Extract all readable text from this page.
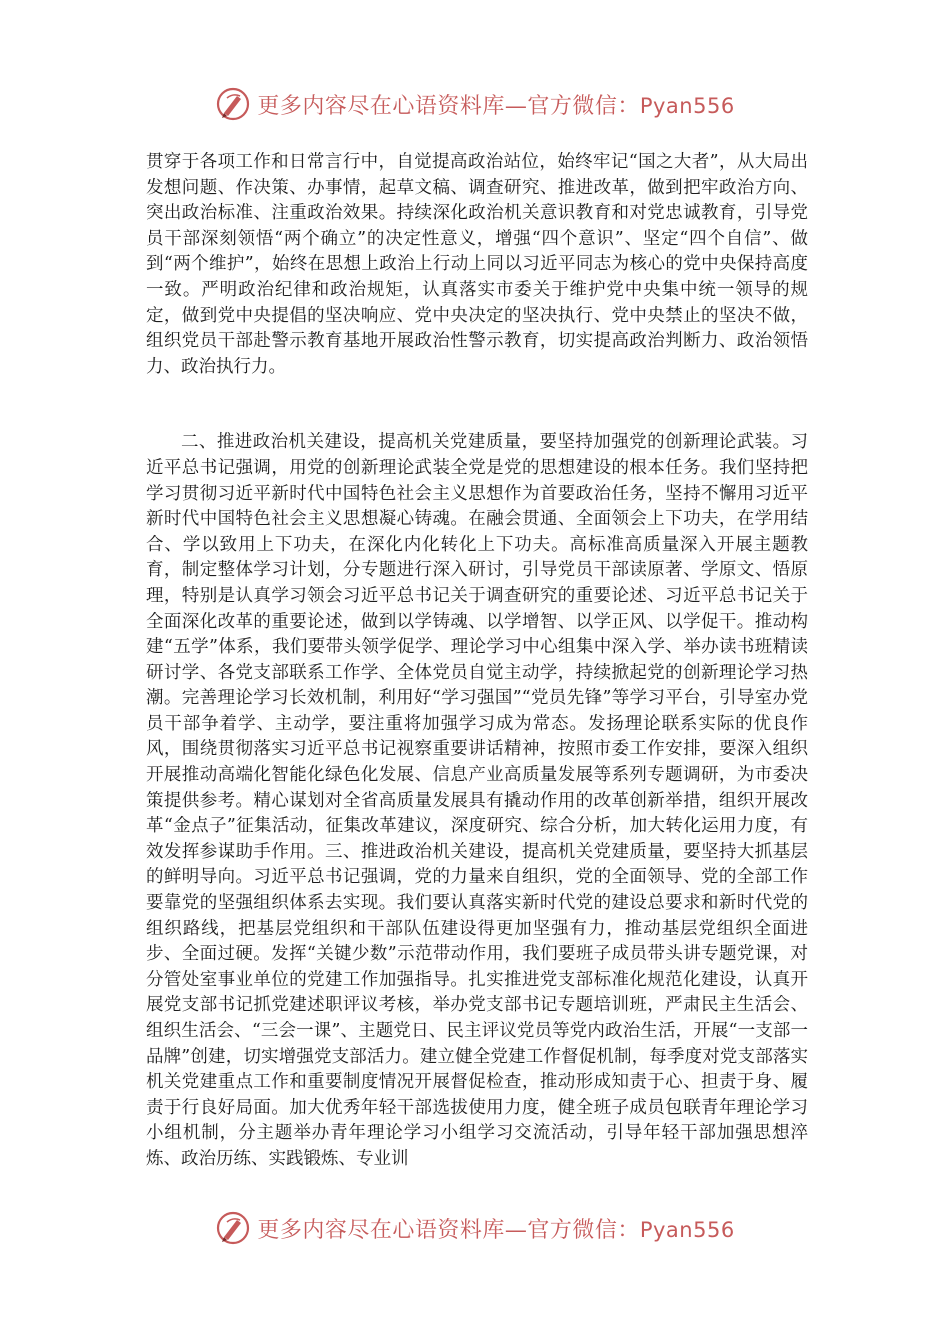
更多内容尽在心语资料库—官方微信：Pyan556

贯穿于各项工作和日常言行中，自觉提高政治站位，始终牢记“国之大者”，从大局出发想问题、作决策、办事情，起草文稿、调查研究、推进改革，做到把牢政治方向、突出政治标准、注重政治效果。持续深化政治机关意识教育和对党忠诚教育，引导党员干部深刻领悟“两个确立”的决定性意义，增强“四个意识”、坚定“四个自信”、做到“两个维护”，始终在思想上政治上行动上同以习近平同志为核心的党中央保持高度一致。严明政治纪律和政治规矩，认真落实市委关于维护党中央集中统一领导的规定，做到党中央提倡的坚决响应、党中央决定的坚决执行、党中央禁止的坚决不做，组织党员干部赴警示教育基地开展政治性警示教育，切实提高政治判断力、政治领悟力、政治执行力。

二、推进政治机关建设，提高机关党建质量，要坚持加强党的创新理论武装。习近平总书记强调，用党的创新理论武装全党是党的思想建设的根本任务。我们坚持把学习贯彻习近平新时代中国特色社会主义思想作为首要政治任务，坚持不懈用习近平新时代中国特色社会主义思想凝心铸魂。在融会贯通、全面领会上下功夫，在学用结合、学以致用上下功夫，在深化内化转化上下功夫。高标准高质量深入开展主题教育，制定整体学习计划，分专题进行深入研讨，引导党员干部读原著、学原文、悟原理，特别是认真学习领会习近平总书记关于调查研究的重要论述、习近平总书记关于全面深化改革的重要论述，做到以学铸魂、以学增智、以学正风、以学促干。推动构建“五学”体系，我们要带头领学促学、理论学习中心组集中深入学、举办读书班精读研讨学、各党支部联系工作学、全体党员自觉主动学，持续掀起党的创新理论学习热潮。完善理论学习长效机制，利用好“学习强国”“党员先锋”等学习平台，引导室办党员干部争着学、主动学，要注重将加强学习成为常态。发扬理论联系实际的优良作风，围绕贯彻落实习近平总书记视察重要讲话精神，按照市委工作安排，要深入组织开展推动高端化智能化绿色化发展、信息产业高质量发展等系列专题调研，为市委决策提供参考。精心谋划对全省高质量发展具有撬动作用的改革创新举措，组织开展改革“金点子”征集活动，征集改革建议，深度研究、综合分析，加大转化运用力度，有效发挥参谋助手作用。三、推进政治机关建设，提高机关党建质量，要坚持大抓基层的鲜明导向。习近平总书记强调，党的力量来自组织，党的全面领导、党的全部工作要靠党的坚强组织体系去实现。我们要认真落实新时代党的建设总要求和新时代党的组织路线，把基层党组织和干部队伍建设得更加坚强有力，推动基层党组织全面进步、全面过硬。发挥“关键少数”示范带动作用，我们要班子成员带头讲专题党课，对分管处室事业单位的党建工作加强指导。扎实推进党支部标准化规范化建设，认真开展党支部书记抓党建述职评议考核，举办党支部书记专题培训班，严肃民主生活会、组织生活会、“三会一课”、主题党日、民主评议党员等党内政治生活，开展“一支部一品牌”创建，切实增强党支部活力。建立健全党建工作督促机制，每季度对党支部落实机关党建重点工作和重要制度情况开展督促检查，推动形成知责于心、担责于身、履责于行良好局面。加大优秀年轻干部选拔使用力度，健全班子成员包联青年理论学习小组机制，分主题举办青年理论学习小组学习交流活动，引导年轻干部加强思想淬炼、政治历练、实践锻炼、专业训

更多内容尽在心语资料库—官方微信：Pyan556
